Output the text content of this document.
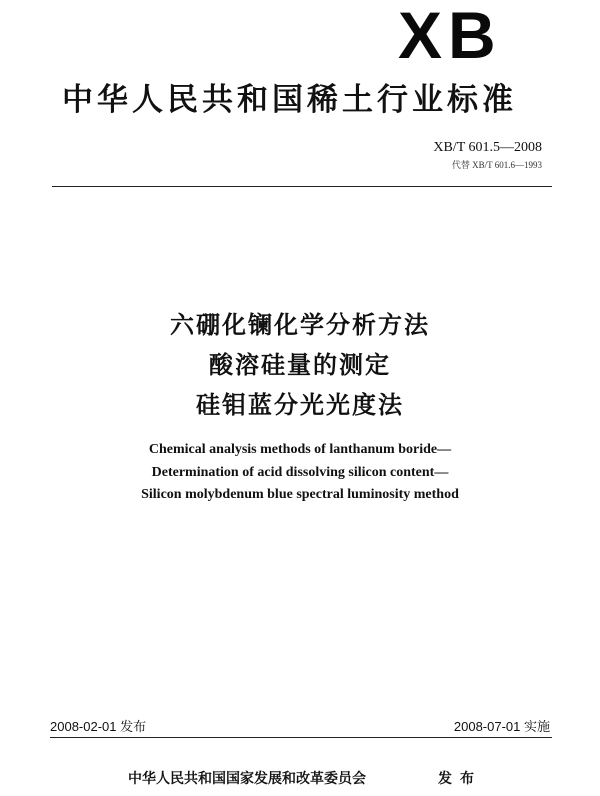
XB
中华人民共和国稀土行业标准
XB/T 601.5—2008
代替 XB/T 601.6—1993
六硼化镧化学分析方法
酸溶硅量的测定
硅钼蓝分光光度法
Chemical analysis methods of lanthanum boride—
Determination of acid dissolving silicon content—
Silicon molybdenum blue spectral luminosity method
2008-02-01 发布	2008-07-01 实施
中华人民共和国国家发展和改革委员会	发布
